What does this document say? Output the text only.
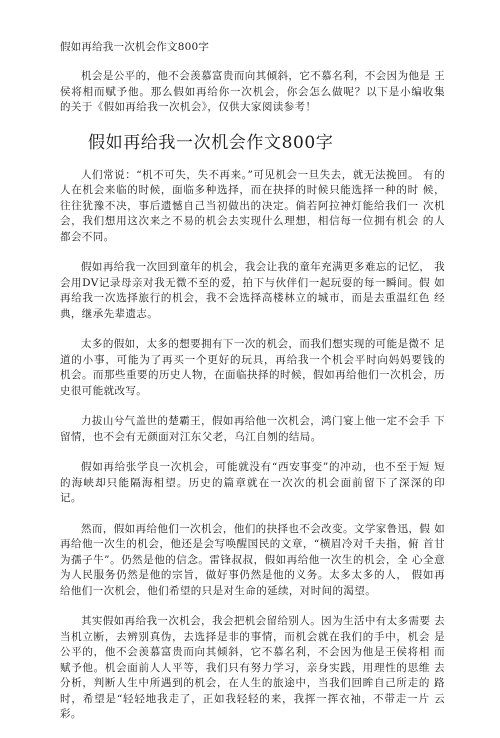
假如再给我一次机会作文800字

机会是公平的，他不会羡慕富贵而向其倾斜，它不慕名利，不会因为他是 王侯将相而赋予他。那么假如再给你一次机会，你会怎么做呢？以下是小编收集 的关于《假如再给我一次机会》，仅供大家阅读参考！

假如再给我一次机会作文800字

人们常说：“机不可失，失不再来。”可见机会一旦失去，就无法挽回。 有的人在机会来临的时候，面临多种选择，而在抉择的时候只能选择一种的时 候，往往犹豫不决，事后遗憾自己当初做出的决定。倘若阿拉神灯能给我们一 次机会，我们想用这次来之不易的机会去实现什么理想，相信每一位拥有机会 的人都会不同。

假如再给我一次回到童年的机会，我会让我的童年充满更多难忘的记忆， 我会用DV记录母亲对我无微不至的爱，拍下与伙伴们一起玩耍的每一瞬间。假 如再给我一次选择旅行的机会，我不会选择高楼林立的城市，而是去重温红色 经典，继承先辈遗志。

太多的假如，太多的想要拥有下一次的机会，而我们想实现的可能是微不 足道的小事，可能为了再买一个更好的玩具，再给我一个机会平时向妈妈要钱的 机会。而那些重要的历史人物，在面临抉择的时候，假如再给他们一次机会，历 史很可能就改写。

力拔山兮气盖世的楚霸王，假如再给他一次机会，鸿门宴上他一定不会手 下留情，也不会有无颜面对江东父老，乌江自刎的结局。

假如再给张学良一次机会，可能就没有“西安事变”的冲动，也不至于短 短的海峡却只能隔海相望。历史的篇章就在一次次的机会面前留下了深深的印 记。

然而，假如再给他们一次机会，他们的抉择也不会改变。文学家鲁迅，假 如再给他一次生的机会，他还是会写唤醒国民的文章，“横眉冷对千夫指，俯 首甘为孺子牛”。仍然是他的信念。雷锋叔叔，假如再给他一次生的机会，全 心全意为人民服务仍然是他的宗旨，做好事仍然是他的义务。太多太多的人， 假如再给他们一次机会，他们希望的只是对生命的延续，对时间的渴望。

其实假如再给我一次机会，我会把机会留给别人。因为生活中有太多需要 去当机立断，去辨别真伪，去选择是非的事情，而机会就在我们的手中，机会 是公平的，他不会羡慕富贵而向其倾斜，它不慕名利，不会因为他是王侯将相 而赋予他。机会面前人人平等，我们只有努力学习，亲身实践，用理性的思维 去分析，判断人生中所遇到的机会，在人生的旅途中，当我们回眸自己所走的 路时，希望是“轻轻地我走了，正如我轻轻的来，我挥一挥衣袖，不带走一片 云彩。
